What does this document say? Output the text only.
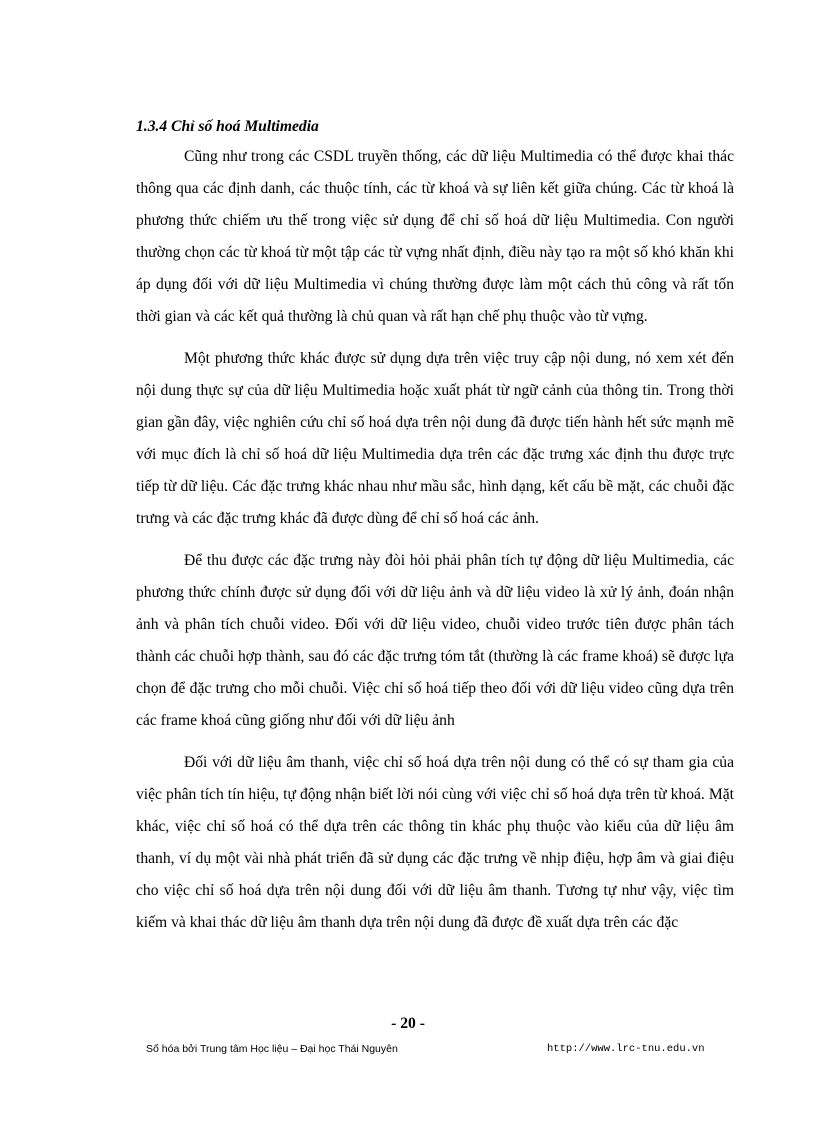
1.3.4 Chỉ số hoá Multimedia

Cũng như trong các CSDL truyền thống, các dữ liệu Multimedia có thể được khai thác thông qua các định danh, các thuộc tính, các từ khoá và sự liên kết giữa chúng. Các từ khoá là phương thức chiếm ưu thế trong việc sử dụng để chỉ số hoá dữ liệu Multimedia. Con người thường chọn các từ khoá từ một tập các từ vựng nhất định, điều này tạo ra một số khó khăn khi áp dụng đối với dữ liệu Multimedia vì chúng thường được làm một cách thủ công và rất tốn thời gian và các kết quả thường là chủ quan và rất hạn chế phụ thuộc vào từ vựng.

Một phương thức khác được sử dụng dựa trên việc truy cập nội dung, nó xem xét đến nội dung thực sự của dữ liệu Multimedia hoặc xuất phát từ ngữ cảnh của thông tin. Trong thời gian gần đây, việc nghiên cứu chỉ số hoá dựa trên nội dung đã được tiến hành hết sức mạnh mẽ với mục đích là chỉ số hoá dữ liệu Multimedia dựa trên các đặc trưng xác định thu được trực tiếp từ dữ liệu. Các đặc trưng khác nhau như mầu sắc, hình dạng, kết cấu bề mặt, các chuỗi đặc trưng và các đặc trưng khác đã được dùng để chỉ số hoá các ảnh.

Để thu được các đặc trưng này đòi hỏi phải phân tích tự động dữ liệu Multimedia, các phương thức chính được sử dụng đối với dữ liệu ảnh và dữ liệu video là xử lý ảnh, đoán nhận ảnh và phân tích chuỗi video. Đối với dữ liệu video, chuỗi video trước tiên được phân tách thành các chuỗi hợp thành, sau đó các đặc trưng tóm tắt (thường là các frame khoá) sẽ được lựa chọn để đặc trưng cho mỗi chuỗi. Việc chỉ số hoá tiếp theo đối với dữ liệu video cũng dựa trên các frame khoá cũng giống như đối với dữ liệu ảnh

Đối với dữ liệu âm thanh, việc chỉ số hoá dựa trên nội dung có thể có sự tham gia của việc phân tích tín hiệu, tự động nhận biết lời nói cùng với việc chỉ số hoá dựa trên từ khoá. Mặt khác, việc chỉ số hoá có thể dựa trên các thông tin khác phụ thuộc vào kiểu của dữ liệu âm thanh, ví dụ một vài nhà phát triển đã sử dụng các đặc trưng về nhịp điệu, hợp âm và giai điệu cho việc chỉ số hoá dựa trên nội dung đối với dữ liệu âm thanh. Tương tự như vậy, việc tìm kiếm và khai thác dữ liệu âm thanh dựa trên nội dung đã được đề xuất dựa trên các đặc

- 20 -
Số hóa bởi Trung tâm Học liệu – Đại học Thái Nguyên	http://www.lrc-tnu.edu.vn
